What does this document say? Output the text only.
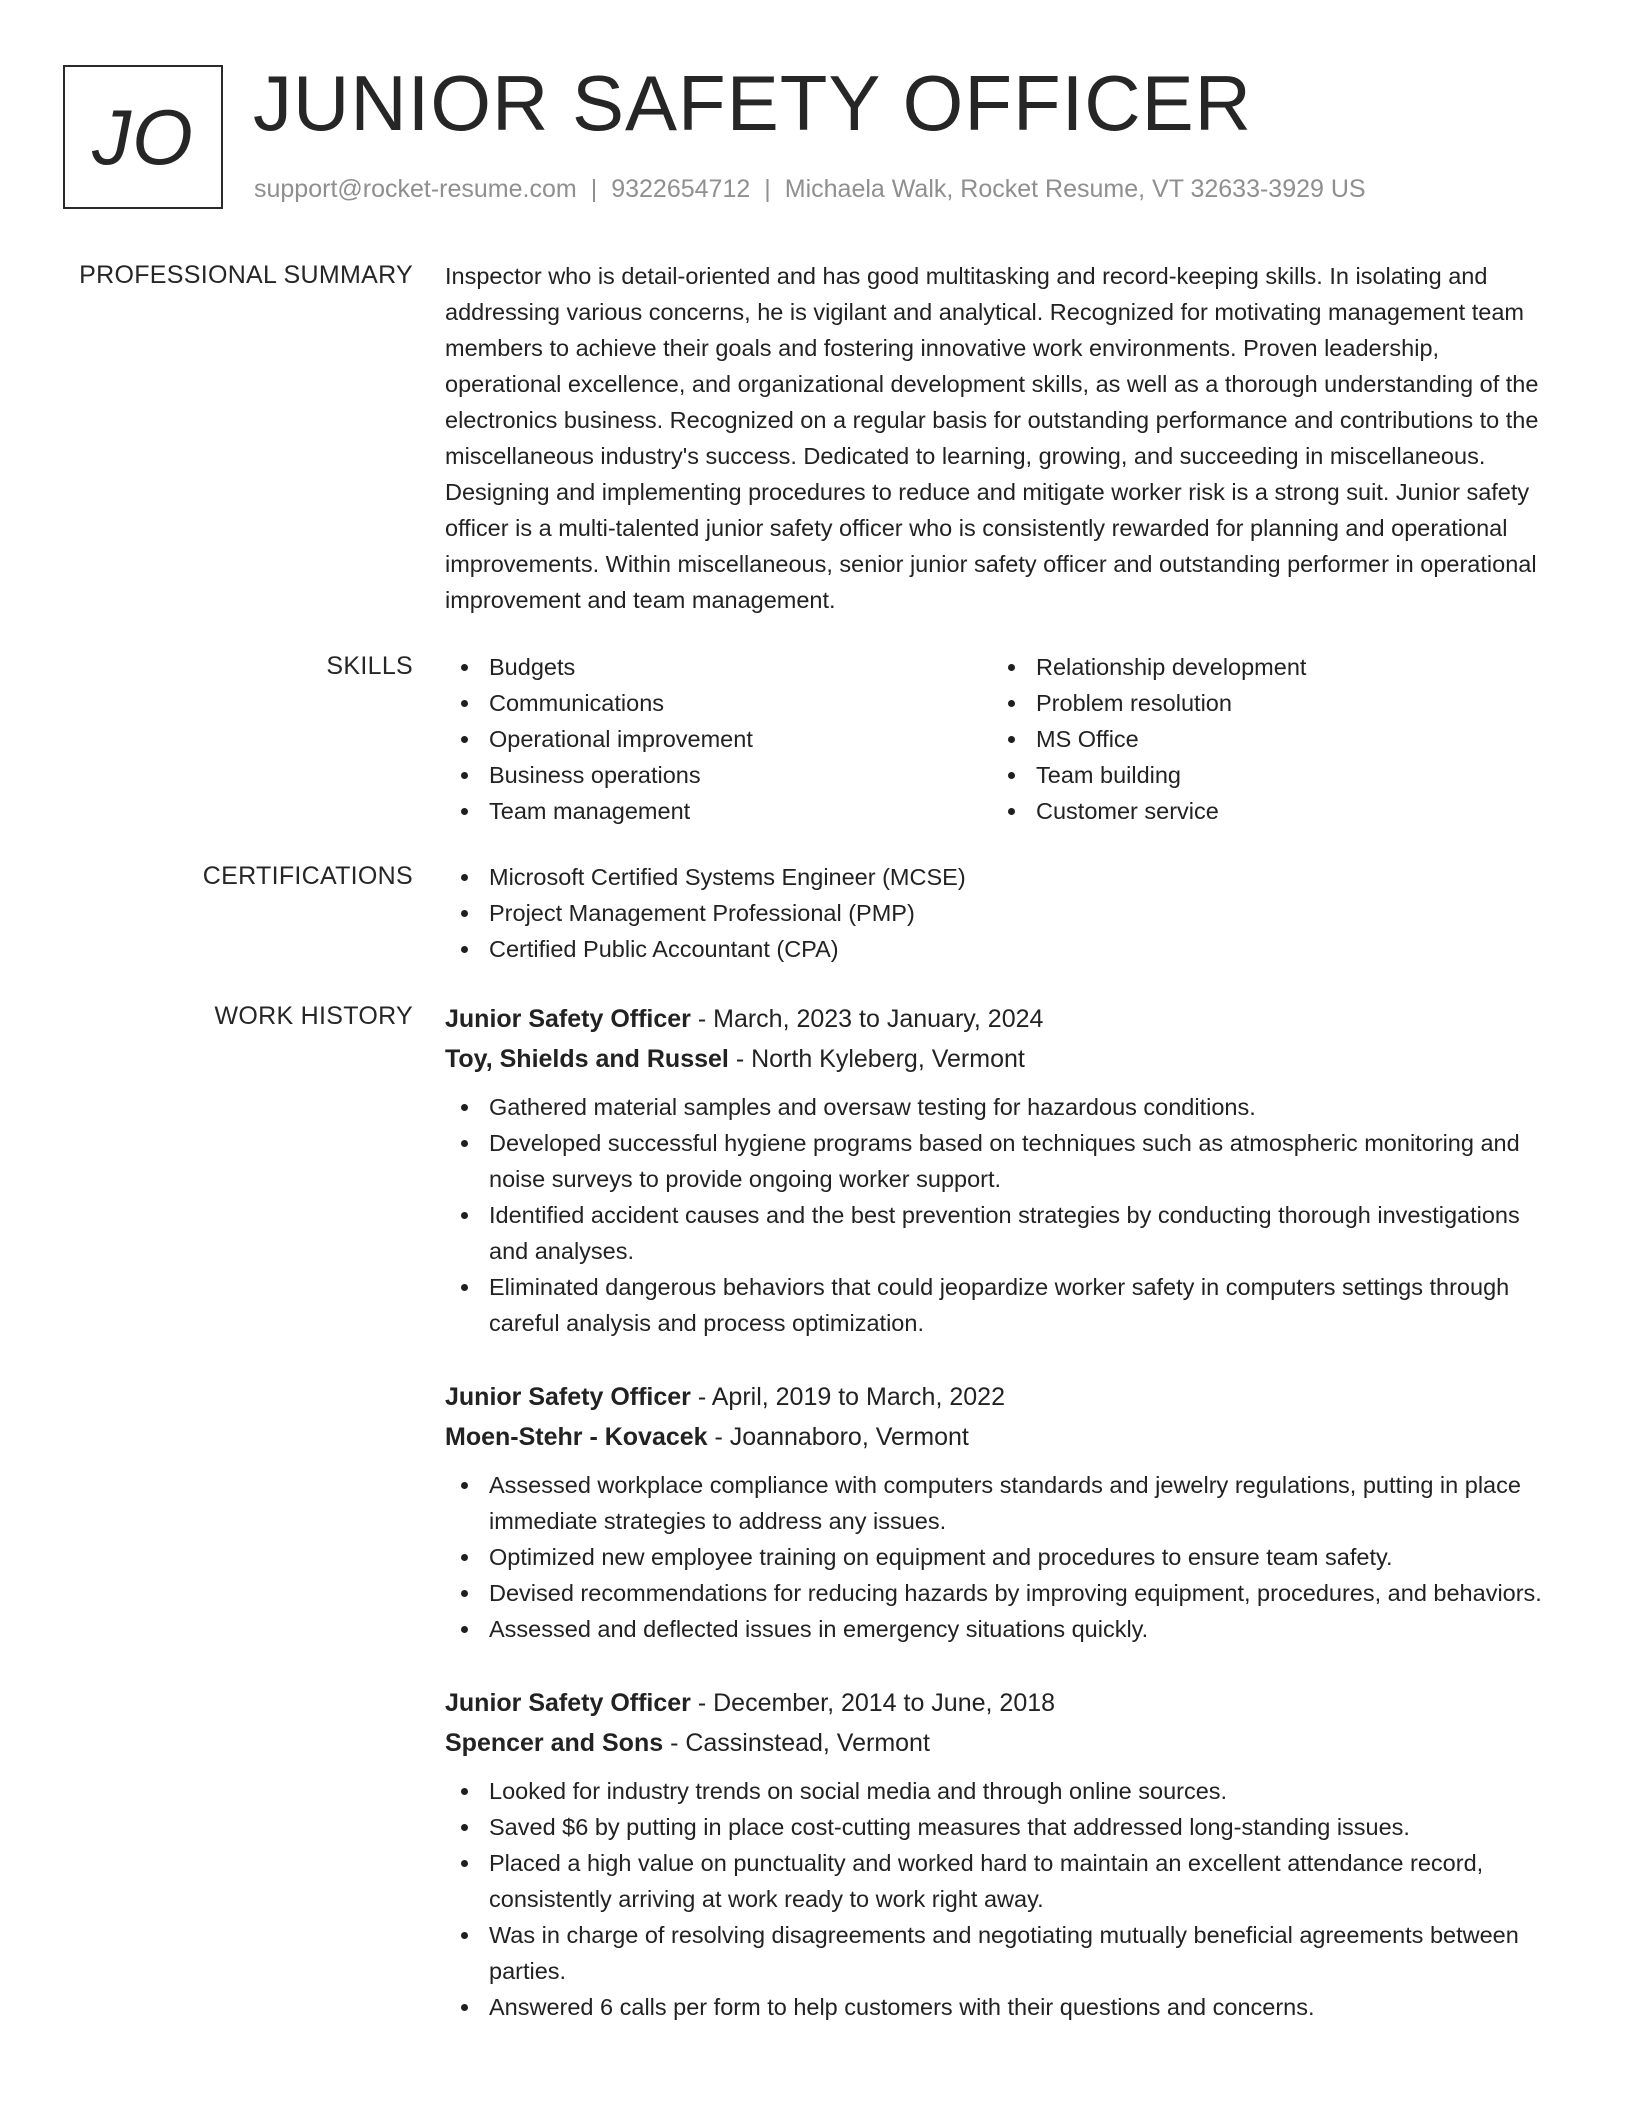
JO JUNIOR SAFETY OFFICER
support@rocket-resume.com | 9322654712 | Michaela Walk, Rocket Resume, VT 32633-3929 US
PROFESSIONAL SUMMARY Inspector who is detail-oriented and has good multitasking and record-keeping skills. In isolating and addressing various concerns, he is vigilant and analytical. Recognized for motivating management team members to achieve their goals and fostering innovative work environments. Proven leadership, operational excellence, and organizational development skills, as well as a thorough understanding of the electronics business. Recognized on a regular basis for outstanding performance and contributions to the miscellaneous industry's success. Dedicated to learning, growing, and succeeding in miscellaneous. Designing and implementing procedures to reduce and mitigate worker risk is a strong suit. Junior safety officer is a multi-talented junior safety officer who is consistently rewarded for planning and operational improvements. Within miscellaneous, senior junior safety officer and outstanding performer in operational improvement and team management.
SKILLS	Budgets
Communications
Operational improvement
Business operations
Team management
Relationship development
Problem resolution
MS Office
Team building
Customer service
CERTIFICATIONS	Microsoft Certified Systems Engineer (MCSE)
Project Management Professional (PMP)
Certified Public Accountant (CPA)
WORK HISTORY Junior Safety Officer - March, 2023 to January, 2024
Toy, Shields and Russel - North Kyleberg, Vermont
Gathered material samples and oversaw testing for hazardous conditions.
Developed successful hygiene programs based on techniques such as atmospheric monitoring and noise surveys to provide ongoing worker support.
Identified accident causes and the best prevention strategies by conducting thorough investigations and analyses.
Eliminated dangerous behaviors that could jeopardize worker safety in computers settings through careful analysis and process optimization.
Junior Safety Officer - April, 2019 to March, 2022
Moen-Stehr - Kovacek - Joannaboro, Vermont
Assessed workplace compliance with computers standards and jewelry regulations, putting in place immediate strategies to address any issues.
Optimized new employee training on equipment and procedures to ensure team safety.
Devised recommendations for reducing hazards by improving equipment, procedures, and behaviors.
Assessed and deflected issues in emergency situations quickly.
Junior Safety Officer - December, 2014 to June, 2018
Spencer and Sons - Cassinstead, Vermont
Looked for industry trends on social media and through online sources.
Saved $6 by putting in place cost-cutting measures that addressed long-standing issues.
Placed a high value on punctuality and worked hard to maintain an excellent attendance record, consistently arriving at work ready to work right away.
Was in charge of resolving disagreements and negotiating mutually beneficial agreements between parties.
Answered 6 calls per form to help customers with their questions and concerns.
